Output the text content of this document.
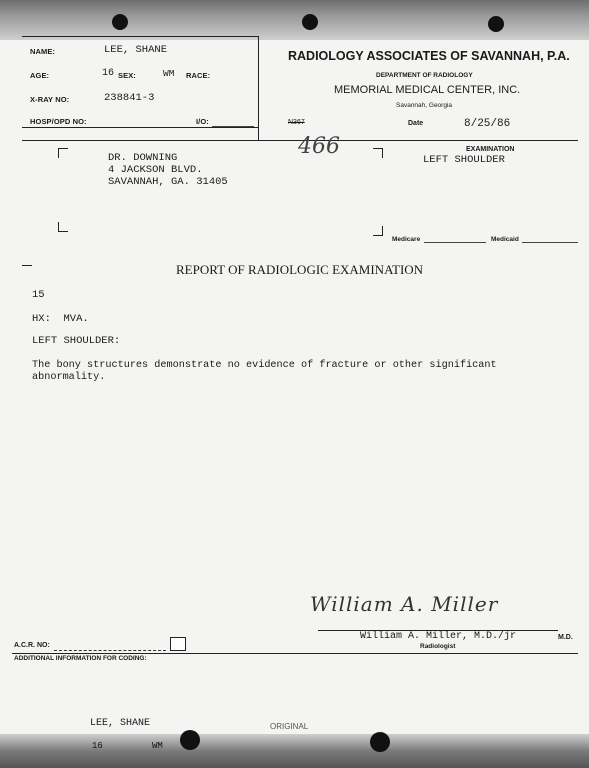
NAME:	LEE, SHANE
AGE:	16 SEX:	WM RACE:
X-RAY NO:	238841-3
HOSP/OPD NO:	I/O:
RADIOLOGY ASSOCIATES OF SAVANNAH, P.A.
DEPARTMENT OF RADIOLOGY
MEMORIAL MEDICAL CENTER, INC.
Savannah, Georgia
N367	Date	8/25/86
466	EXAMINATION
LEFT SHOULDER
DR. DOWNING
4 JACKSON BLVD.
SAVANNAH, GA. 31405
Medicare	Medicaid
REPORT OF RADIOLOGIC EXAMINATION
15
HX:  MVA.
LEFT SHOULDER:
The bony structures demonstrate no evidence of fracture or other significant
abnormality.
William A. Miller
William A. Miller, M.D./jr	M.D.
Radiologist
A.C.R. NO:
ADDITIONAL INFORMATION FOR CODING:
LEE, SHANE	ORIGINAL
16	WM
